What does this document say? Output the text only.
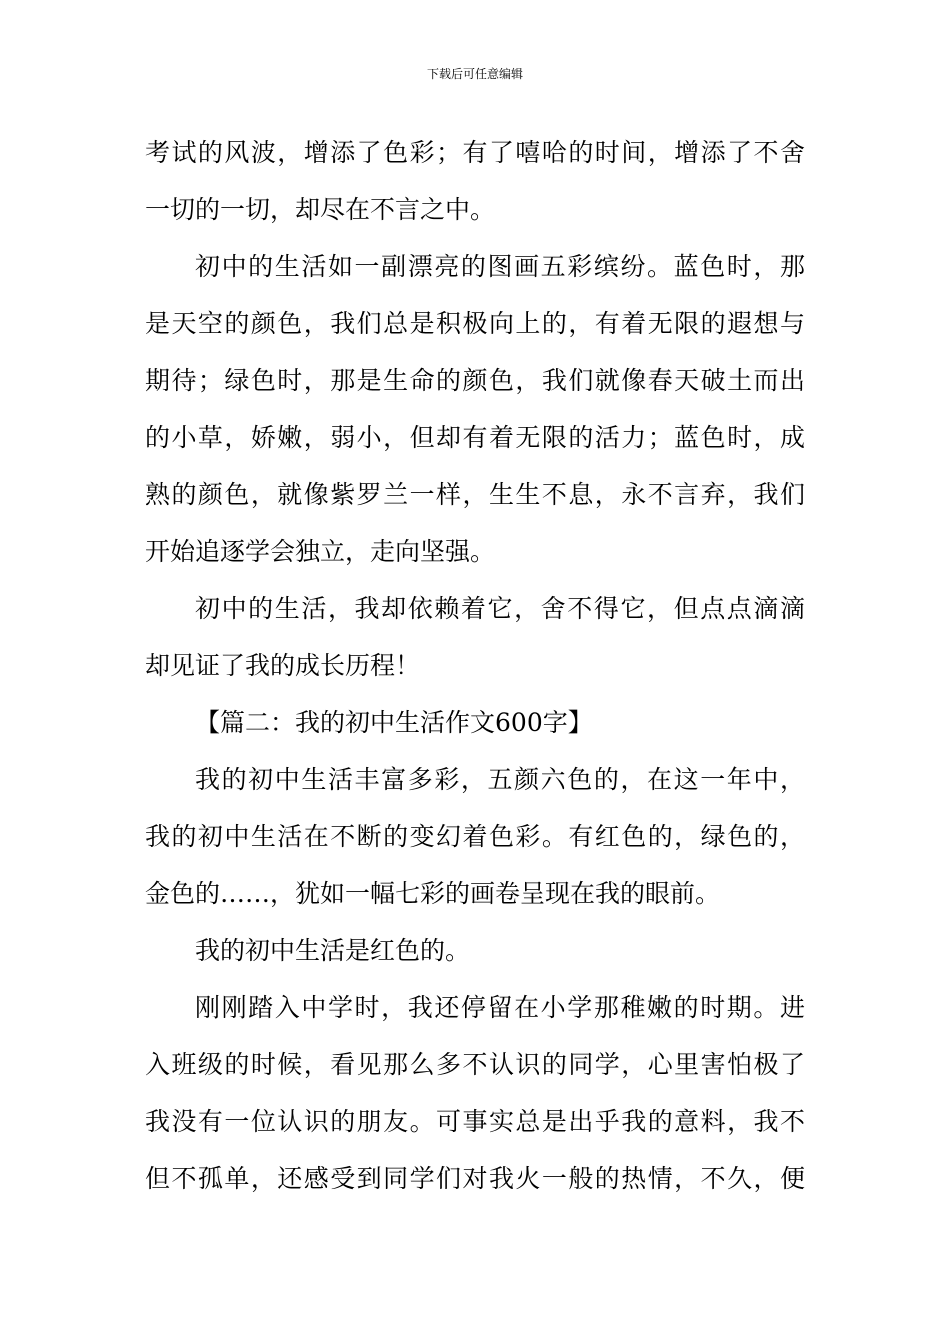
下载后可任意编辑
考试的风波，增添了色彩；有了嘻哈的时间，增添了不舍
一切的一切，却尽在不言之中。
初中的生活如一副漂亮的图画五彩缤纷。蓝色时，那
是天空的颜色，我们总是积极向上的，有着无限的遐想与
期待；绿色时，那是生命的颜色，我们就像春天破土而出
的小草，娇嫩，弱小，但却有着无限的活力；蓝色时，成
熟的颜色，就像紫罗兰一样，生生不息，永不言弃，我们
开始追逐学会独立，走向坚强。
初中的生活，我却依赖着它，舍不得它，但点点滴滴
却见证了我的成长历程！
【篇二：我的初中生活作文600字】
我的初中生活丰富多彩，五颜六色的，在这一年中，
我的初中生活在不断的变幻着色彩。有红色的，绿色的，
金色的……，犹如一幅七彩的画卷呈现在我的眼前。
我的初中生活是红色的。
刚刚踏入中学时，我还停留在小学那稚嫩的时期。进
入班级的时候，看见那么多不认识的同学，心里害怕极了
我没有一位认识的朋友。可事实总是出乎我的意料，我不
但不孤单，还感受到同学们对我火一般的热情，不久，便
